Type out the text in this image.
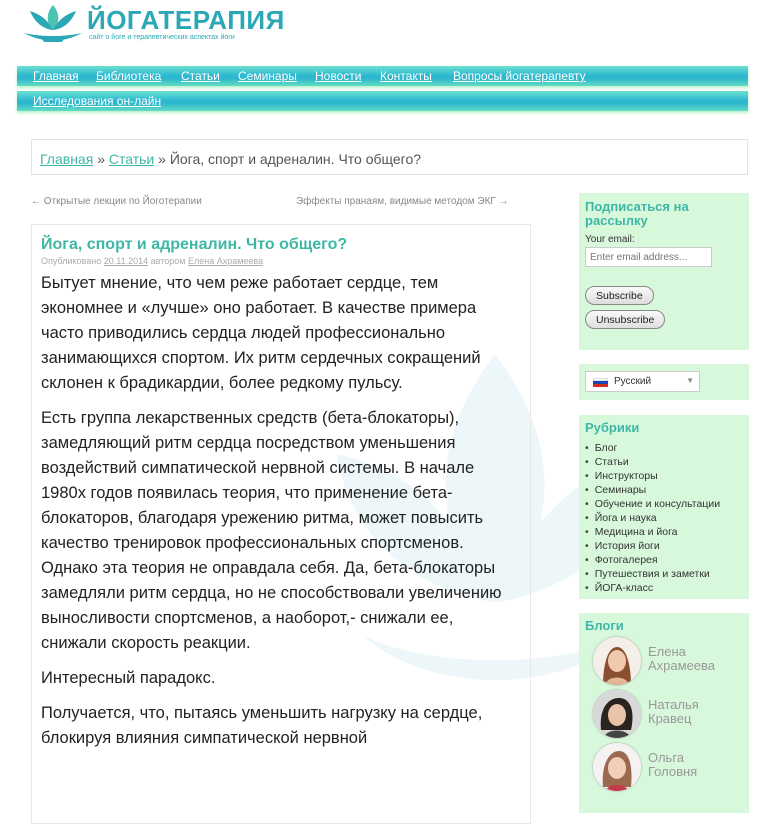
ЙОГАТЕРАПИЯ
сайт о йоге и терапевтических аспектах йоги
Главная Библиотека Статьи Семинары Новости Контакты Вопросы йогатерапевту
Исследования он-лайн
Главная » Статьи » Йога, спорт и адреналин. Что общего?
← Открытые лекции по Йоготерапии	Эффекты пранаям, видимые методом ЭКГ →
Йога, спорт и адреналин. Что общего?
Опубликовано 20.11.2014 автором Елена Ахрамеева

Бытует мнение, что чем реже работает сердце, тем экономнее и «лучше» оно работает. В качестве примера часто приводились сердца людей профессионально занимающихся спортом. Их ритм сердечных сокращений склонен к брадикардии, более редкому пульсу.

Есть группа лекарственных средств (бета-блокаторы), замедляющий ритм сердца посредством уменьшения воздействий симпатической нервной системы. В начале 1980х годов появилась теория, что применение бета-блокаторов, благодаря урежению ритма, может повысить качество тренировок профессиональных спортсменов. Однако эта теория не оправдала себя. Да, бета-блокаторы замедляли ритм сердца, но не способствовали увеличению выносливости спортсменов, а наоборот,- снижали ее, снижали скорость реакции.

Интересный парадокс.

Получается, что, пытаясь уменьшить нагрузку на сердце, блокируя влияния симпатической нервной

Подписаться на рассылку
Your email:
Enter email address...
Subscribe
Unsubscribe
Русский	▼
Рубрики
• Блог
• Статьи
• Инструкторы
• Семинары
• Обучение и консультации
• Йога и наука
• Медицина и йога
• История йоги
• Фотогалерея
• Путешествия и заметки
• ЙОГА-класс
Блоги
Елена
Ахрамеева
Наталья
Кравец
Ольга
Головня
